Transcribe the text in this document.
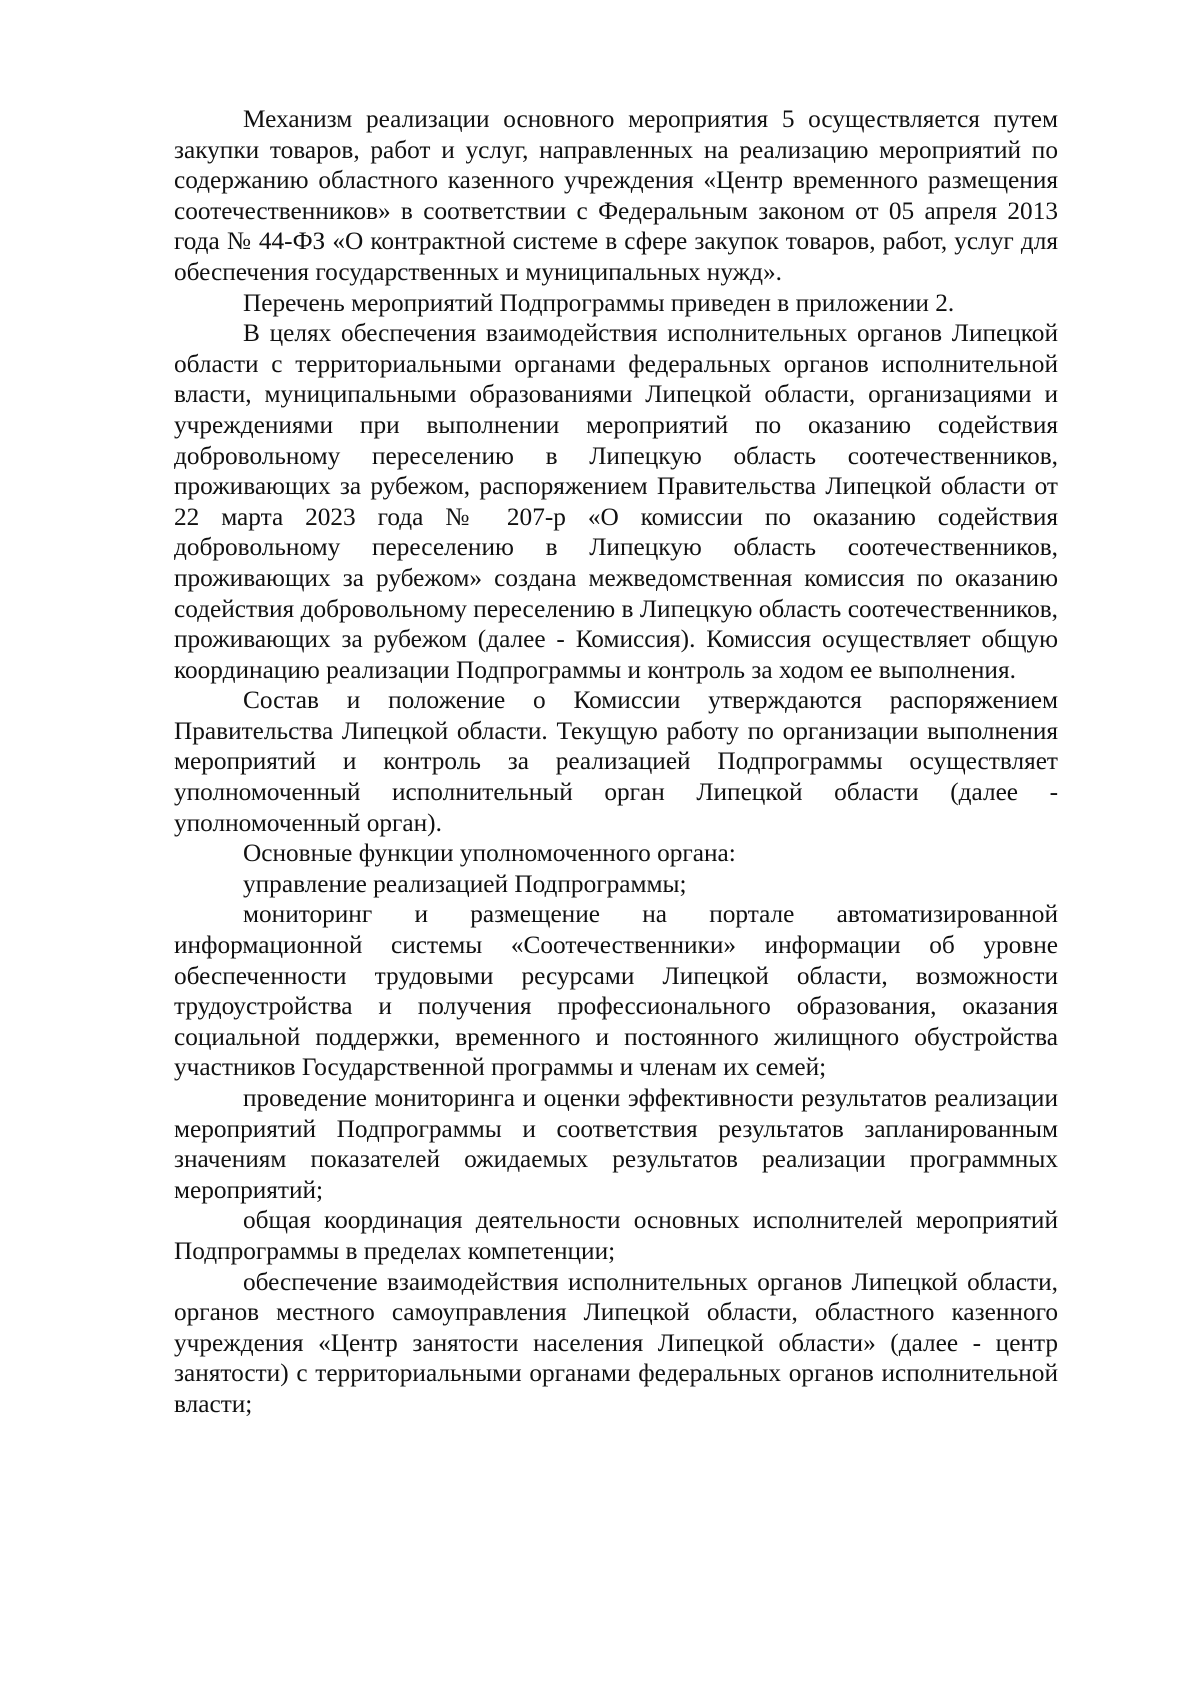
Механизм реализации основного мероприятия 5 осуществляется путем закупки товаров, работ и услуг, направленных на реализацию мероприятий по содержанию областного казенного учреждения «Центр временного размещения соотечественников» в соответствии с Федеральным законом от 05 апреля 2013 года № 44-ФЗ «О контрактной системе в сфере закупок товаров, работ, услуг для обеспечения государственных и муниципальных нужд».

Перечень мероприятий Подпрограммы приведен в приложении 2.

В целях обеспечения взаимодействия исполнительных органов Липецкой области с территориальными органами федеральных органов исполнительной власти, муниципальными образованиями Липецкой области, организациями и учреждениями при выполнении мероприятий по оказанию содействия добровольному переселению в Липецкую область соотечественников, проживающих за рубежом, распоряжением Правительства Липецкой области от 22 марта 2023 года № 207-р «О комиссии по оказанию содействия добровольному переселению в Липецкую область соотечественников, проживающих за рубежом» создана межведомственная комиссия по оказанию содействия добровольному переселению в Липецкую область соотечественников, проживающих за рубежом (далее - Комиссия). Комиссия осуществляет общую координацию реализации Подпрограммы и контроль за ходом ее выполнения.

Состав и положение о Комиссии утверждаются распоряжением Правительства Липецкой области. Текущую работу по организации выполнения мероприятий и контроль за реализацией Подпрограммы осуществляет уполномоченный исполнительный орган Липецкой области (далее - уполномоченный орган).

Основные функции уполномоченного органа:

управление реализацией Подпрограммы;

мониторинг и размещение на портале автоматизированной информационной системы «Соотечественники» информации об уровне обеспеченности трудовыми ресурсами Липецкой области, возможности трудоустройства и получения профессионального образования, оказания социальной поддержки, временного и постоянного жилищного обустройства участников Государственной программы и членам их семей;

проведение мониторинга и оценки эффективности результатов реализации мероприятий Подпрограммы и соответствия результатов запланированным значениям показателей ожидаемых результатов реализации программных мероприятий;

общая координация деятельности основных исполнителей мероприятий Подпрограммы в пределах компетенции;

обеспечение взаимодействия исполнительных органов Липецкой области, органов местного самоуправления Липецкой области, областного казенного учреждения «Центр занятости населения Липецкой области» (далее - центр занятости) с территориальными органами федеральных органов исполнительной власти;
